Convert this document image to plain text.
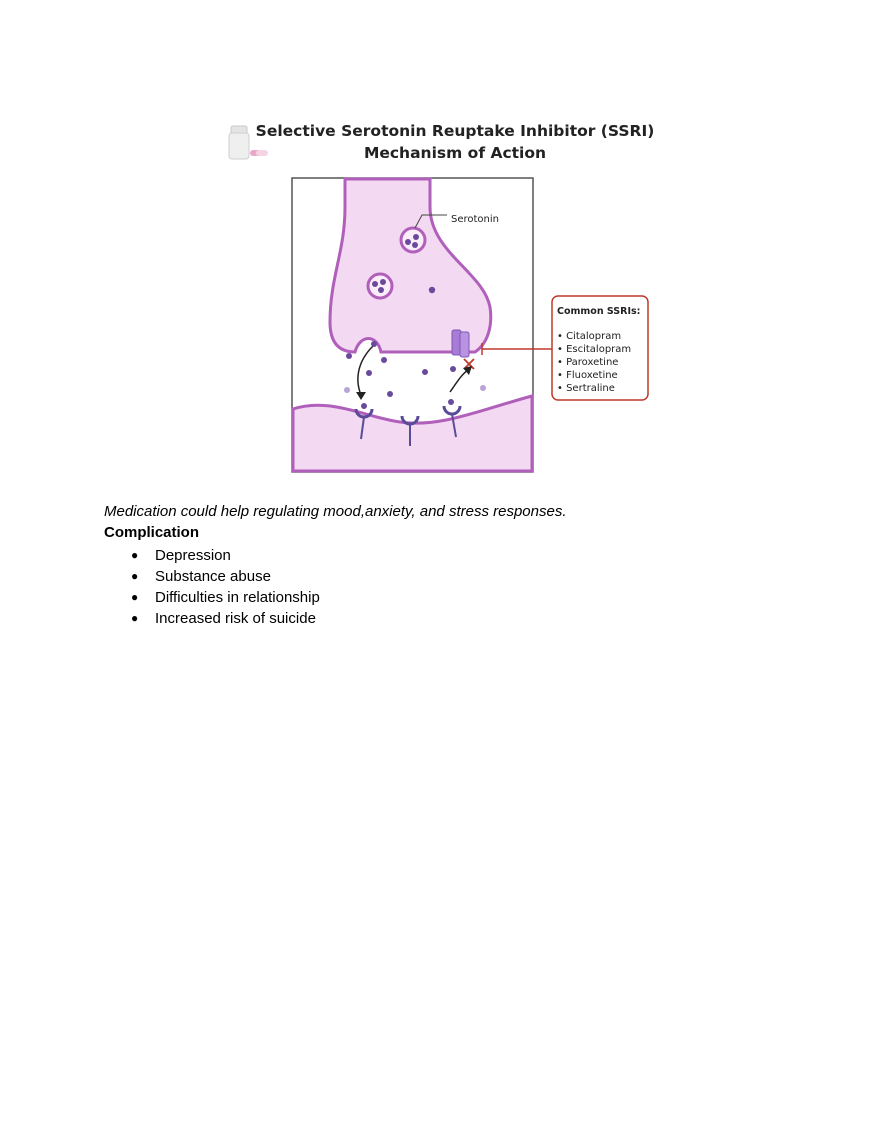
Serotonin
Common SSRIs:
• Citalopram
• Escitalopram
• Paroxetine
• Fluoxetine
• Sertraline
Selective Serotonin Reuptake Inhibitor (SSRI)
Mechanism of Action
Medication could help regulating mood,anxiety, and stress responses.
Complication
● Depression
● Substance abuse
● Difficulties in relationship
● Increased risk of suicide
